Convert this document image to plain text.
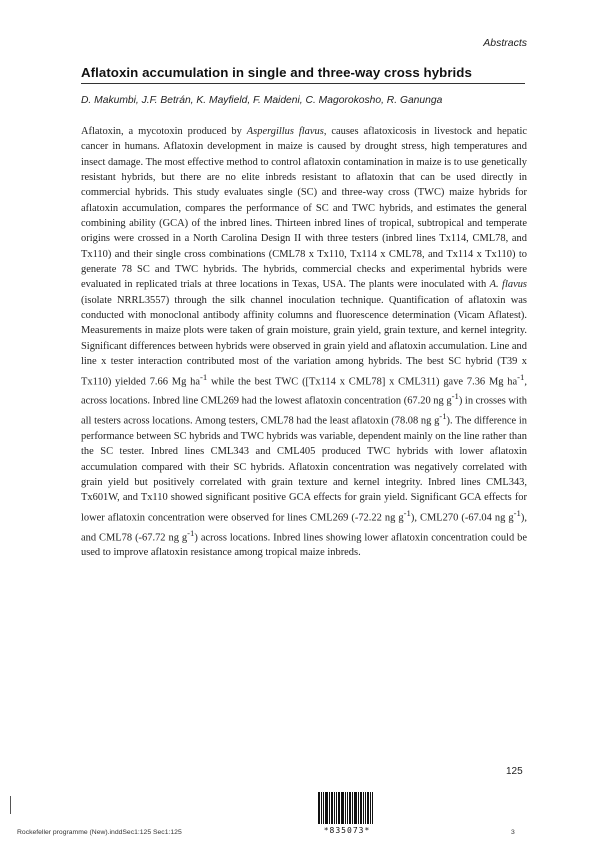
Abstracts
Aflatoxin accumulation in single and three-way cross hybrids
D. Makumbi, J.F. Betrán, K. Mayfield, F. Maideni, C. Magorokosho, R. Ganunga

Aflatoxin, a mycotoxin produced by Aspergillus flavus, causes aflatoxicosis in livestock and hepatic cancer in humans. Aflatoxin development in maize is caused by drought stress, high temperatures and insect damage. The most effective method to control aflatoxin contamination in maize is to use genetically resistant hybrids, but there are no elite inbreds resistant to aflatoxin that can be used directly in commercial hybrids. This study evaluates single (SC) and three-way cross (TWC) maize hybrids for aflatoxin accumulation, compares the performance of SC and TWC hybrids, and estimates the general combining ability (GCA) of the inbred lines. Thirteen inbred lines of tropical, subtropical and temperate origins were crossed in a North Carolina Design II with three testers (inbred lines Tx114, CML78, and Tx110) and their single cross combinations (CML78 x Tx110, Tx114 x CML78, and Tx114 x Tx110) to generate 78 SC and TWC hybrids. The hybrids, commercial checks and experimental hybrids were evaluated in replicated trials at three locations in Texas, USA. The plants were inoculated with A. flavus (isolate NRRL3557) through the silk channel inoculation technique. Quantification of aflatoxin was conducted with monoclonal antibody affinity columns and fluorescence determination (Vicam Aflatest). Measurements in maize plots were taken of grain moisture, grain yield, grain texture, and kernel integrity. Significant differences between hybrids were observed in grain yield and aflatoxin accumulation. Line and line x tester interaction contributed most of the variation among hybrids. The best SC hybrid (T39 x Tx110) yielded 7.66 Mg $ha^{-1}$ while the best TWC ([Tx114 x CML78] x CML311) gave 7.36 Mg $ha^{-1}$, across locations. Inbred line CML269 had the lowest aflatoxin concentration (67.20 ng $g^{-1}$) in crosses with all testers across locations. Among testers, CML78 had the least aflatoxin (78.08 ng $g^{-1}$). The difference in performance between SC hybrids and TWC hybrids was variable, dependent mainly on the line rather than the SC tester. Inbred lines CML343 and CML405 produced TWC hybrids with lower aflatoxin accumulation compared with their SC hybrids. Aflatoxin concentration was negatively correlated with grain yield but positively correlated with grain texture and kernel integrity. Inbred lines CML343, Tx601W, and Tx110 showed significant positive GCA effects for grain yield. Significant GCA effects for lower aflatoxin concentration were observed for lines CML269 (-72.22 ng $g^{-1}$), CML270 (-67.04 ng $g^{-1}$), and CML78 (-67.72 ng $g^{-1}$) across locations. Inbred lines showing lower aflatoxin concentration could be used to improve aflatoxin resistance among tropical maize inbreds.

125
*835073*
Rockefeller programme (New).inddSec1:125 Sec1:125	3
